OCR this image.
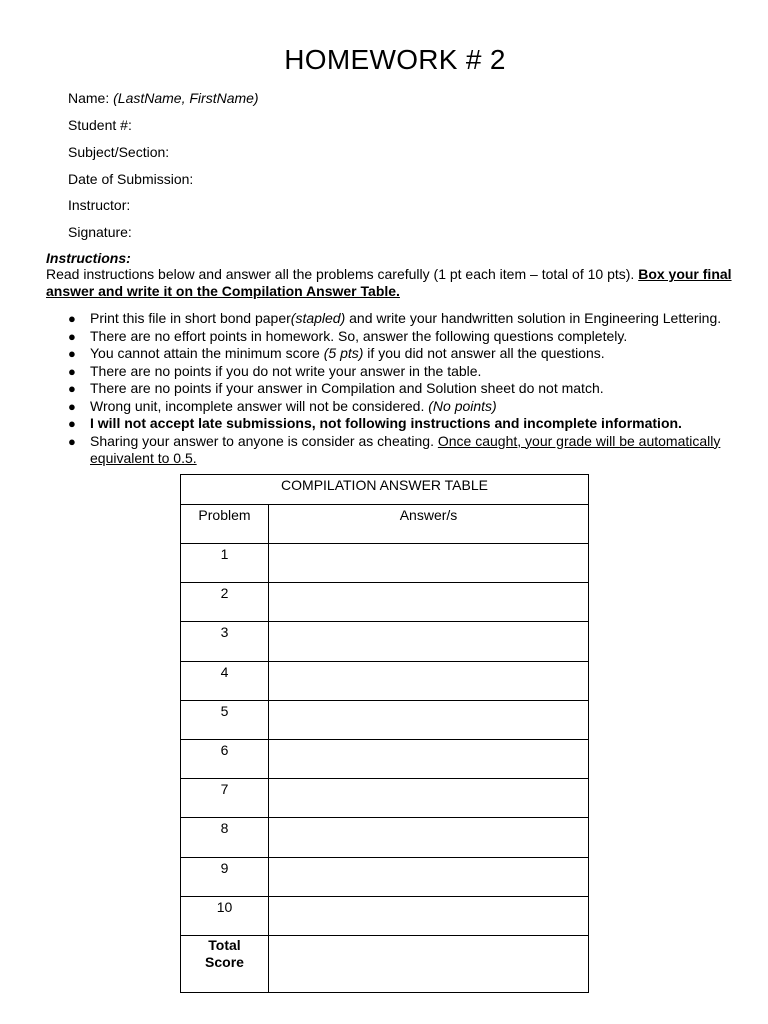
HOMEWORK # 2
Name: (LastName, FirstName)
Student #:
Subject/Section:
Date of Submission:
Instructor:
Signature:
Instructions:
Read instructions below and answer all the problems carefully (1 pt each item – total of 10 pts). Box your final answer and write it on the Compilation Answer Table.
● Print this file in short bond paper(stapled) and write your handwritten solution in Engineering Lettering.
● There are no effort points in homework. So, answer the following questions completely.
● You cannot attain the minimum score (5 pts) if you did not answer all the questions.
● There are no points if you do not write your answer in the table.
● There are no points if your answer in Compilation and Solution sheet do not match.
● Wrong unit, incomplete answer will not be considered. (No points)
● I will not accept late submissions, not following instructions and incomplete information.
● Sharing your answer to anyone is consider as cheating. Once caught, your grade will be automatically equivalent to 0.5.
COMPILATION ANSWER TABLE	
Problem	Answer/s
1	
2	
3	
4	
5	
6	
7	
8	
9	
10	
Total
Score	
